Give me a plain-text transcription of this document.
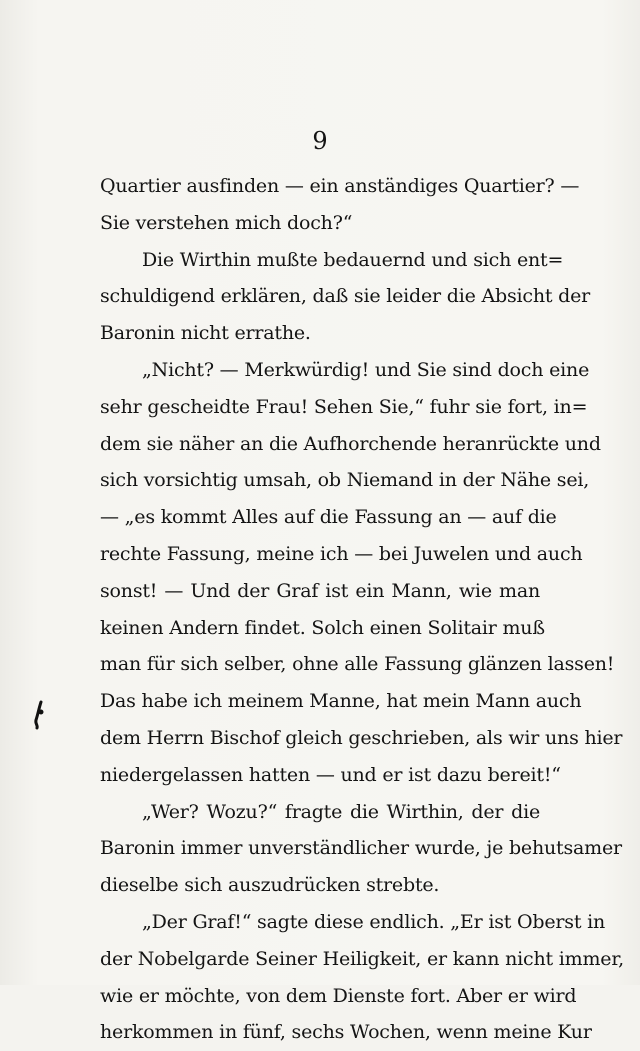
9
Quartier ausfinden — ein anständiges Quartier? —
Sie verstehen mich doch?“
Die Wirthin mußte bedauernd und sich ent=
schuldigend erklären, daß sie leider die Absicht der
Baronin nicht errathe.
„Nicht? — Merkwürdig! und Sie sind doch eine
sehr gescheidte Frau! Sehen Sie,“ fuhr sie fort, in=
dem sie näher an die Aufhorchende heranrückte und
sich vorsichtig umsah, ob Niemand in der Nähe sei,
— „es kommt Alles auf die Fassung an — auf die
rechte Fassung, meine ich — bei Juwelen und auch
sonst! — Und der Graf ist ein Mann, wie man
keinen Andern findet. Solch einen Solitair muß
man für sich selber, ohne alle Fassung glänzen lassen!
Das habe ich meinem Manne, hat mein Mann auch
dem Herrn Bischof gleich geschrieben, als wir uns hier
niedergelassen hatten — und er ist dazu bereit!“
„Wer? Wozu?“ fragte die Wirthin, der die
Baronin immer unverständlicher wurde, je behutsamer
dieselbe sich auszudrücken strebte.
„Der Graf!“ sagte diese endlich. „Er ist Oberst in
der Nobelgarde Seiner Heiligkeit, er kann nicht immer,
wie er möchte, von dem Dienste fort. Aber er wird
herkommen in fünf, sechs Wochen, wenn meine Kur
